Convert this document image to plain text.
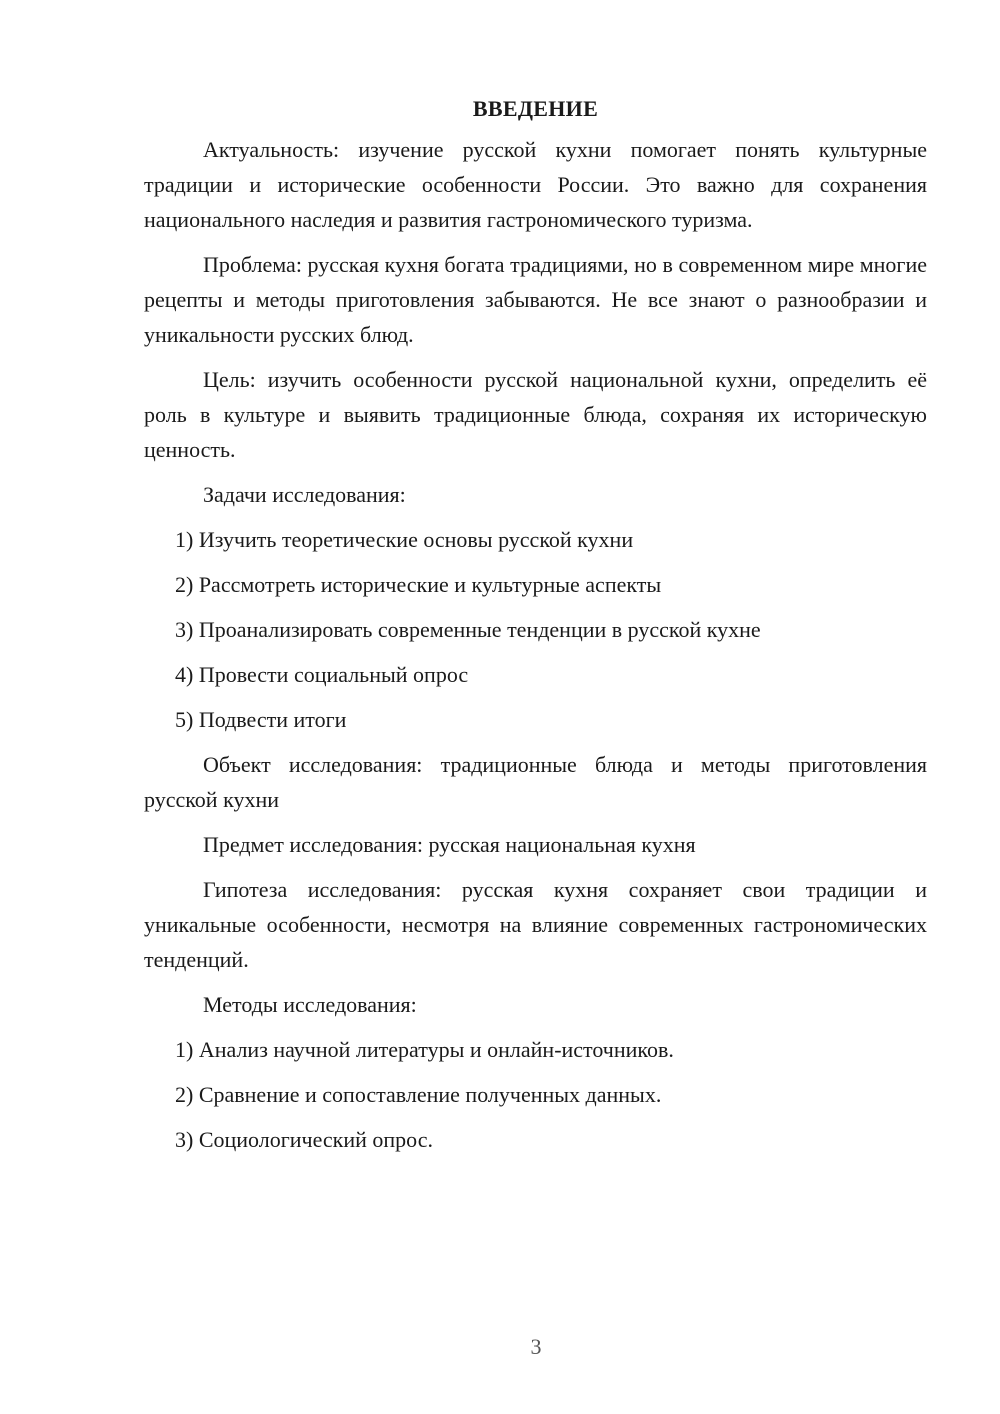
ВВЕДЕНИЕ

Актуальность: изучение русской кухни помогает понять культурные традиции и исторические особенности России. Это важно для сохранения национального наследия и развития гастрономического туризма.

Проблема: русская кухня богата традициями, но в современном мире многие рецепты и методы приготовления забываются. Не все знают о разнообразии и уникальности русских блюд.

Цель: изучить особенности русской национальной кухни, определить её роль в культуре и выявить традиционные блюда, сохраняя их историческую ценность.

Задачи исследования:

1) Изучить теоретические основы русской кухни
2) Рассмотреть исторические и культурные аспекты
3) Проанализировать современные тенденции в русской кухне
4) Провести социальный опрос
5) Подвести итоги

Объект исследования: традиционные блюда и методы приготовления русской кухни

Предмет исследования: русская национальная кухня

Гипотеза исследования: русская кухня сохраняет свои традиции и уникальные особенности, несмотря на влияние современных гастрономических тенденций.

Методы исследования:

1) Анализ научной литературы и онлайн-источников.
2) Сравнение и сопоставление полученных данных.
3) Социологический опрос.
3
